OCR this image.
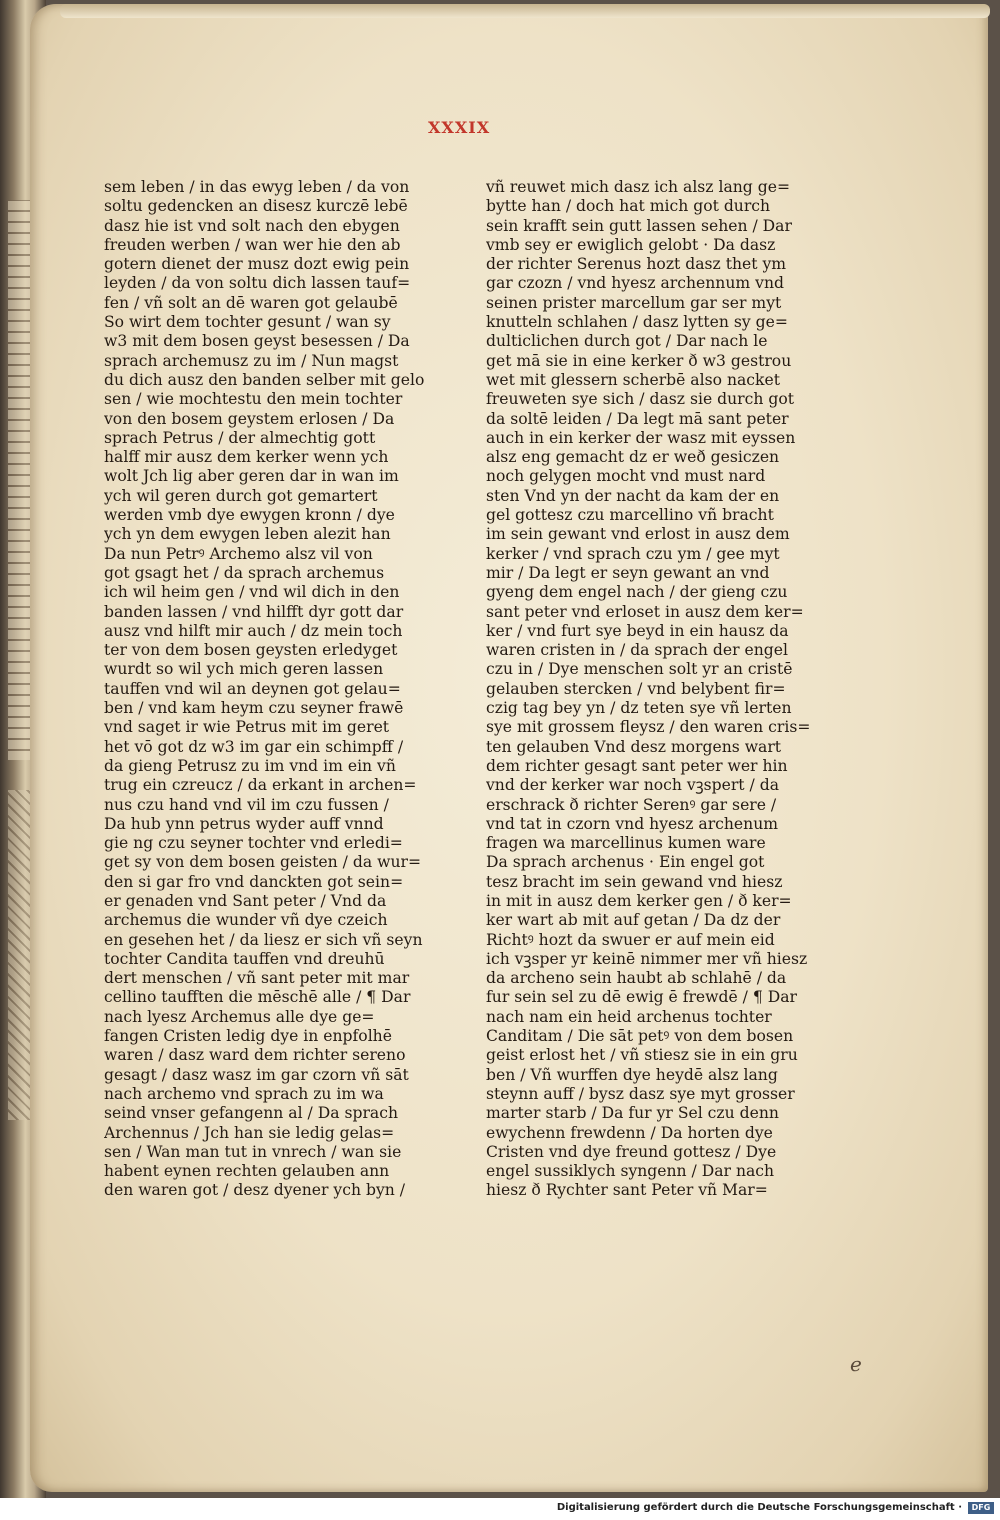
XXXIX
sem leben / in das ewyg leben / da von
soltu gedencken an disesz kurczē lebē
dasz hie ist vnd solt nach den ebygen
freuden werben / wan wer hie den ab
gotern dienet der musz dozt ewig pein
leyden / da von soltu dich lassen tauf=
fen / vñ solt an dē waren got gelaubē
So wirt dem tochter gesunt / wan sy
w3 mit dem bosen geyst besessen / Da
sprach archemusz zu im / Nun magst
du dich ausz den banden selber mit gelo
sen / wie mochtestu den mein tochter
von den bosem geystem erlosen / Da
sprach Petrus / der almechtig gott
halff mir ausz dem kerker wenn ych
wolt Jch lig aber geren dar in wan im
ych wil geren durch got gemartert
werden vmb dye ewygen kronn / dye
ych yn dem ewygen leben alezit han
Da nun Petrꝰ Archemo alsz vil von
got gsagt het / da sprach archemus
ich wil heim gen / vnd wil dich in den
banden lassen / vnd hilfft dyr gott dar
ausz vnd hilft mir auch / dz mein toch
ter von dem bosen geysten erledyget
wurdt so wil ych mich geren lassen
tauffen vnd wil an deynen got gelau=
ben / vnd kam heym czu seyner frawē
vnd saget ir wie Petrus mit im geret
het vō got dz w3 im gar ein schimpff /
da gieng Petrusz zu im vnd im ein vñ
trug ein czreucz / da erkant in archen=
nus czu hand vnd vil im czu fussen /
Da hub ynn petrus wyder auff vnnd
gie ng czu seyner tochter vnd erledi=
get sy von dem bosen geisten / da wur=
den si gar fro vnd danckten got sein=
er genaden vnd Sant peter / Vnd da
archemus die wunder vñ dye czeich
en gesehen het / da liesz er sich vñ seyn
tochter Candita tauffen vnd dreuhū
dert menschen / vñ sant peter mit mar
cellino taufften die mēschē alle / ¶ Dar
nach lyesz Archemus alle dye ge=
fangen Cristen ledig dye in enpfolhē
waren / dasz ward dem richter sereno
gesagt / dasz wasz im gar czorn vñ sāt
nach archemo vnd sprach zu im wa
seind vnser gefangenn al / Da sprach
Archennus / Jch han sie ledig gelas=
sen / Wan man tut in vnrech / wan sie
habent eynen rechten gelauben ann
den waren got / desz dyener ych byn /
vñ reuwet mich dasz ich alsz lang ge=
bytte han / doch hat mich got durch
sein krafft sein gutt lassen sehen / Dar
vmb sey er ewiglich gelobt · Da dasz
der richter Serenus hozt dasz thet ym
gar czozn / vnd hyesz archennum vnd
seinen prister marcellum gar ser myt
knutteln schlahen / dasz lytten sy ge=
dulticlichen durch got / Dar nach le
get mā sie in eine kerker ð w3 gestrou
wet mit glessern scherbē also nacket
freuweten sye sich / dasz sie durch got
da soltē leiden / Da legt mā sant peter
auch in ein kerker der wasz mit eyssen
alsz eng gemacht dz er weð gesiczen
noch gelygen mocht vnd must nard
sten Vnd yn der nacht da kam der en
gel gottesz czu marcellino vñ bracht
im sein gewant vnd erlost in ausz dem
kerker / vnd sprach czu ym / gee myt
mir / Da legt er seyn gewant an vnd
gyeng dem engel nach / der gieng czu
sant peter vnd erloset in ausz dem ker=
ker / vnd furt sye beyd in ein hausz da
waren cristen in / da sprach der engel
czu in / Dye menschen solt yr an cristē
gelauben stercken / vnd belybent fir=
czig tag bey yn / dz teten sye vñ lerten
sye mit grossem fleysz / den waren cris=
ten gelauben Vnd desz morgens wart
dem richter gesagt sant peter wer hin
vnd der kerker war noch vꝫspert / da
erschrack ð richter Serenꝰ gar sere /
vnd tat in czorn vnd hyesz archenum
fragen wa marcellinus kumen ware
Da sprach archenus · Ein engel got
tesz bracht im sein gewand vnd hiesz
in mit in ausz dem kerker gen / ð ker=
ker wart ab mit auf getan / Da dz der
Richtꝰ hozt da swuer er auf mein eid
ich vꝫsper yr keinē nimmer mer vñ hiesz
da archeno sein haubt ab schlahē / da
fur sein sel zu dē ewig ē frewdē / ¶ Dar
nach nam ein heid archenus tochter
Canditam / Die sāt petꝰ von dem bosen
geist erlost het / vñ stiesz sie in ein gru
ben / Vñ wurffen dye heydē alsz lang
steynn auff / bysz dasz sye myt grosser
marter starb / Da fur yr Sel czu denn
ewychenn frewdenn / Da horten dye
Cristen vnd dye freund gottesz / Dye
engel sussiklych syngenn / Dar nach
hiesz ð Rychter sant Peter vñ Mar=
e
Digitalisierung gefördert durch die Deutsche Forschungsgemeinschaft ·	DFG
